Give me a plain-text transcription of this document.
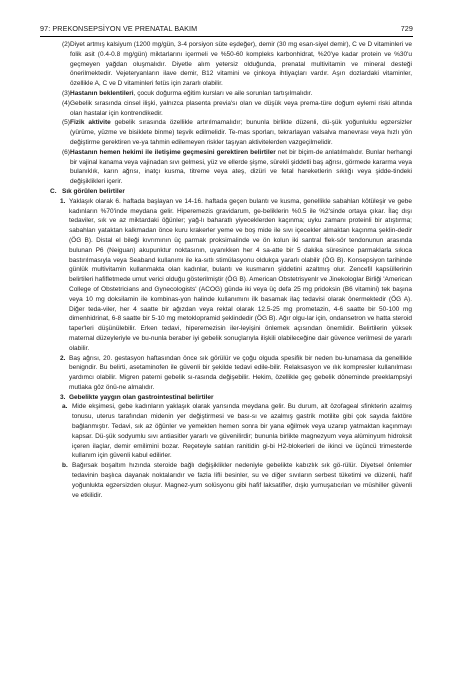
97: PREKONSEPSİYON VE PRENATAL BAKIM	729
(2) Diyet artmış kalsiyum (1200 mg/gün, 3-4 porsiyon süte eşdeğer), demir (30 mg esan-siyel demir), C ve D vitaminleri ve folik asit (0.4-0.8 mg/gün) miktarlarını içermeli ve %50-60 kompleks karbonhidrat, %20'ye kadar protein ve %30'u geçmeyen yağdan oluşmalıdır. Diyetle alım yetersiz olduğunda, prenatal multivitamin ve mineral desteği önerilmektedir. Vejeteryanların ilave demir, B12 vitamini ve çinkoya ihtiyaçları vardır. Aşırı dozlardaki vitaminler, özellikle A, C ve D vitaminleri fetüs için zararlı olabilir.
(3) Hastanın beklentileri, çocuk doğurma eğitim kursları ve aile sorunları tartışılmalıdır.
(4) Gebelik sırasında cinsel ilişki, yalnızca plasenta previa'sı olan ve düşük veya prema-türe doğum eylemi riski altında olan hastalar için kontrendikedir.
(5) Fizik aktivite gebelik sırasında özellikle artırılmamalıdır; bununla birlikte düzenli, dü-şük yoğunluklu egzersizler (yürüme, yüzme ve bisiklete binme) teşvik edilmelidir. Te-mas sporları, tekrarlayan valsalva manevrası veya hızlı yön değiştirme gerektiren ve-ya tahmin edilemeyen riskler taşıyan aktivitelerden vazgeçilmelidir.
(6) Hastanın hemen hekimi ile iletişime geçmesini gerektiren belirtiler net bir biçim-de anlatılmalıdır. Bunlar herhangi bir vajinal kanama veya vajinadan sıvı gelmesi, yüz ve ellerde şişme, sürekli şiddetli baş ağrısı, görmede kararma veya bulanıklık, karın ağrısı, inatçı kusma, titreme veya ateş, dizüri ve fetal hareketlerin sıklığı veya şidde-tindeki değişiklikleri içerir.
C. Sık görülen belirtiler
1. Yaklaşık olarak 6. haftada başlayan ve 14-16. haftada geçen bulantı ve kusma, genellikle sabahları kötüleşir ve gebe kadınların %70'inde meydana gelir. Hiperemezis gravidarum, ge-beliklerin %0.5 ile %2'sinde ortaya çıkar. İlaç dışı tedaviler, sık ve az miktardaki öğünler; yağ-lı baharatlı yiyeceklerden kaçınma; uyku zamanı proteinli bir atıştırma; sabahları yataktan kalkmadan önce kuru krakerler yeme ve boş mide ile sıvı içecekler almaktan kaçınma şeklin-dedir (ÖG B). Distal el bileği kıvrımının üç parmak proksimalinde ve ön kolun iki santral flek-sör tendonunun arasında bulunan P6 (Neiguan) akupunktur noktasının, uyanıkken her 4 sa-atte bir 5 dakika süresince parmaklarla sıkıca bastırılmasıyla veya Seaband kullanımı ile ka-sıtlı stimülasyonu oldukça yararlı olabilir (ÖG B). Konsepsiyon tarihinde günlük multivitamin kullanmakta olan kadınlar, bulantı ve kusmanın şiddetini azaltmış olur. Zencefil kapsüllerinin belirtileri hafifletmede umut verici olduğu gösterilmiştir (ÖG B). American Obstetrisyenlr ve Jinekologlar Birliği 'American College of Obstetricians and Gynecologists' (ACOG) gündə iki veya üç defa 25 mg pridoksin (B6 vitamini) tek başına veya 10 mg doksilamin ile kombinas-yon halinde kullanımını ilk basamak ilaç tedavisi olarak önermektedir (ÖG A). Diğer teda-viler, her 4 saatte bir ağızdan veya rektal olarak 12.5-25 mg prometazin, 4-6 saatte bir 50-100 mg dimenhidrinat, 6-8 saatte bir 5-10 mg metoklopramid şeklindedir (ÖG B). Ağır olgu-lar için, ondansetron ve hatta steroid taper'leri düşünülebilir. Erken tedavi, hiperemezisin iler-leyişini önlemek açısından önemlidir. Belirtilerin yüksek maternal düzeyleriyle ve bu-nunla beraber iyi gebelik sonuçlarıyla ilişkili olabileceğine dair güvence verilmesi de yararlı olabilir.
2. Baş ağrısı, 20. gestasyon haftasından önce sık görülür ve çoğu olguda spesifik bir neden bu-lunamasa da genellikle benigndir. Bu belirti, asetaminofen ile güvenli bir şekilde tedavi edile-bilir. Relaksasyon ve ılık kompresler kullanılması yardımcı olabilir. Migren paterni gebelik sı-rasında değişebilir. Hekim, özellikle geç gebelik döneminde preeklampsiyi mutlaka göz önü-ne almalıdır.
3. Gebelikte yaygın olan gastrointestinal belirtiler
a. Mide ekşimesi, gebe kadınların yaklaşık olarak yarısında meydana gelir. Bu durum, alt özofageal sfinkterin azalmış tonusu, uterus tarafından midenin yer değiştirmesi ve bası-sı ve azalmış gastrik motilite gibi çok sayıda faktöre bağlanmıştır. Tedavi, sık az öğünler ve yemekten hemen sonra bir yana eğilmek veya uzanıp yatmaktan kaçınmayı kapsar. Dü-şük sodyumlu sıvı antiasitler yararlı ve güvenilirdir; bununla birlikte magnezyum veya alüminyum hidroksit içeren ilaçlar, demir emilimini bozar. Reçeteyle satılan ranitidin gi-bi H2-blokerleri de ikinci ve üçüncü trimesterde kullanım için güvenli kabul edilirler.
b. Bağırsak boşaltım hızında steroide bağlı değişiklikler nedeniyle gebelikte kabızlık sık gö-rülür. Diyetsel önlemler tedavinin başlıca dayanak noktalarıdır ve fazla lifli besinler, su ve diğer sıvıların serbest tüketimi ve düzenli, hafif yoğunlukta egzersizden oluşur. Magnez-yum solüsyonu gibi hafif laksatifler, dışkı yumuşatıcıları ve müshiller güvenli ve etkilidir.
